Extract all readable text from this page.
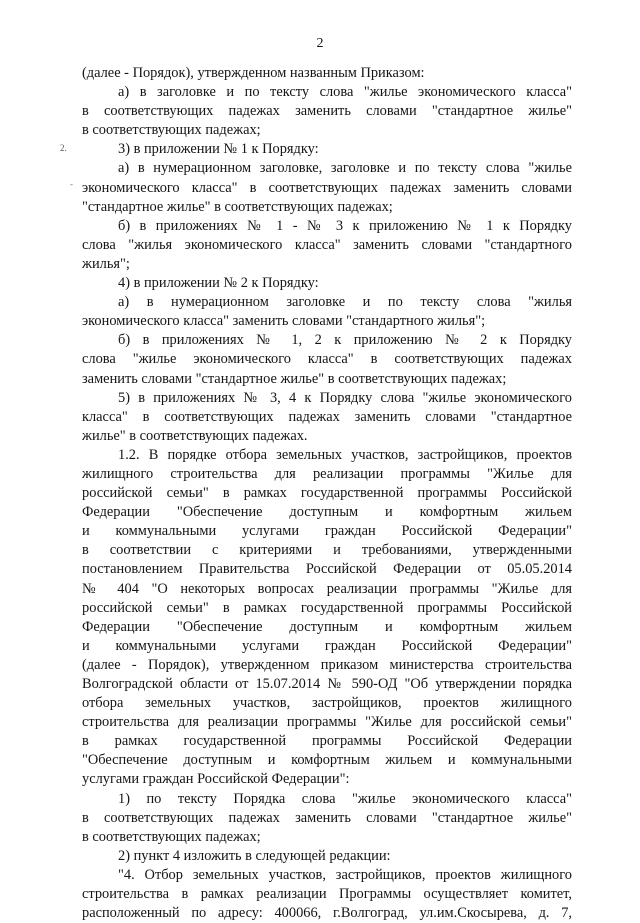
2
2.
-
(далее - Порядок), утвержденном названным Приказом:
а) в заголовке и по тексту слова "жилье экономического класса"
в соответствующих падежах заменить словами "стандартное жилье"
в соответствующих падежах;
3) в приложении № 1 к Порядку:
а) в нумерационном заголовке, заголовке и по тексту слова "жилье
экономического класса" в соответствующих падежах заменить словами
"стандартное жилье" в соответствующих падежах;
б) в приложениях № 1 - № 3 к приложению № 1 к Порядку
слова "жилья экономического класса" заменить словами "стандартного
жилья";
4) в приложении № 2 к Порядку:
а) в нумерационном заголовке и по тексту слова "жилья
экономического класса" заменить словами "стандартного жилья";
б) в приложениях № 1, 2 к приложению № 2 к Порядку
слова "жилье экономического класса" в соответствующих падежах
заменить словами "стандартное жилье" в соответствующих падежах;
5) в приложениях № 3, 4 к Порядку слова "жилье экономического
класса" в соответствующих падежах заменить словами "стандартное
жилье" в соответствующих падежах.
1.2. В порядке отбора земельных участков, застройщиков, проектов
жилищного строительства для реализации программы "Жилье для
российской семьи" в рамках государственной программы Российской
Федерации "Обеспечение доступным и комфортным жильем
и коммунальными услугами граждан Российской Федерации"
в соответствии с критериями и требованиями, утвержденными
постановлением Правительства Российской Федерации от 05.05.2014
№ 404 "О некоторых вопросах реализации программы "Жилье для
российской семьи" в рамках государственной программы Российской
Федерации "Обеспечение доступным и комфортным жильем
и коммунальными услугами граждан Российской Федерации"
(далее - Порядок), утвержденном приказом министерства строительства
Волгоградской области от 15.07.2014 № 590-ОД "Об утверждении порядка
отбора земельных участков, застройщиков, проектов жилищного
строительства для реализации программы "Жилье для российской семьи"
в рамках государственной программы Российской Федерации
"Обеспечение доступным и комфортным жильем и коммунальными
услугами граждан Российской Федерации":
1) по тексту Порядка слова "жилье экономического класса"
в соответствующих падежах заменить словами "стандартное жилье"
в соответствующих падежах;
2) пункт 4 изложить в следующей редакции:
"4. Отбор земельных участков, застройщиков, проектов жилищного
строительства в рамках реализации Программы осуществляет комитет,
расположенный по адресу: 400066, г.Волгоград, ул.им.Скосырева, д. 7,
